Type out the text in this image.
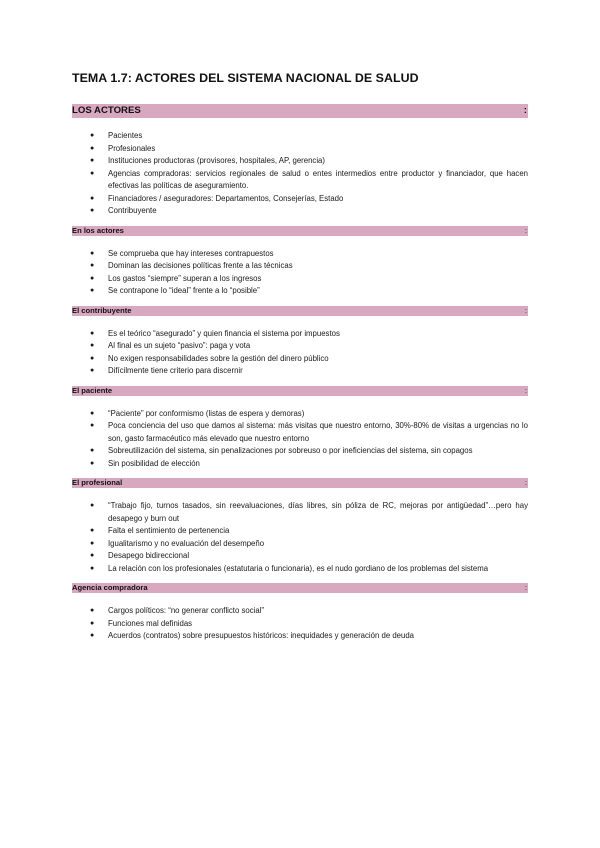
TEMA 1.7: ACTORES DEL SISTEMA NACIONAL DE SALUD
LOS ACTORES	:
● Pacientes
● Profesionales
● Instituciones productoras (provisores, hospitales, AP, gerencia)
● Agencias compradoras: servicios regionales de salud o entes intermedios entre productor y financiador, que hacen efectivas las políticas de aseguramiento.
● Financiadores / aseguradores: Departamentos, Consejerías, Estado
● Contribuyente
En los actores	:
● Se comprueba que hay intereses contrapuestos
● Dominan las decisiones políticas frente a las técnicas
● Los gastos “siempre” superan a los ingresos
● Se contrapone lo “ideal” frente a lo “posible”
El contribuyente	:
● Es el teórico “asegurado” y quien financia el sistema por impuestos
● Al final es un sujeto “pasivo”: paga y vota
● No exigen responsabilidades sobre la gestión del dinero público
● Difícilmente tiene criterio para discernir
El paciente	:
● “Paciente” por conformismo (listas de espera y demoras)
● Poca conciencia del uso que damos al sistema: más visitas que nuestro entorno, 30%-80% de visitas a urgencias no lo son, gasto farmacéutico más elevado que nuestro entorno
● Sobreutilización del sistema, sin penalizaciones por sobreuso o por ineficiencias del sistema, sin copagos
● Sin posibilidad de elección
El profesional	:
● “Trabajo fijo, turnos tasados, sin reevaluaciones, días libres, sin póliza de RC, mejoras por antigüedad”…pero hay desapego y burn out
● Falta el sentimiento de pertenencia
● Igualitarismo y no evaluación del desempeño
● Desapego bidireccional
● La relación con los profesionales (estatutaria o funcionaria), es el nudo gordiano de los problemas del sistema
Agencia compradora	:
● Cargos políticos: “no generar conflicto social”
● Funciones mal definidas
● Acuerdos (contratos) sobre presupuestos históricos: inequidades y generación de deuda
